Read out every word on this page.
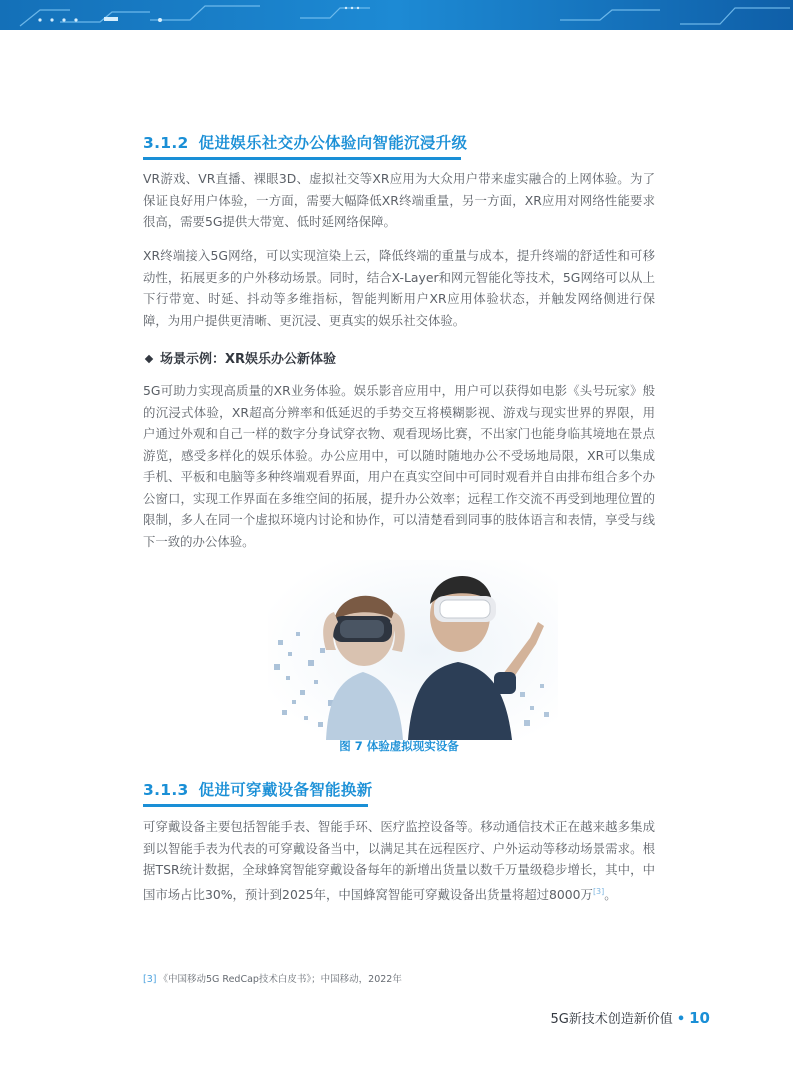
3.1.2 促进娱乐社交办公体验向智能沉浸升级

VR游戏、VR直播、裸眼3D、虚拟社交等XR应用为大众用户带来虚实融合的上网体验。为了保证良好用户体验，一方面，需要大幅降低XR终端重量，另一方面，XR应用对网络性能要求很高，需要5G提供大带宽、低时延网络保障。

XR终端接入5G网络，可以实现渲染上云，降低终端的重量与成本，提升终端的舒适性和可移动性，拓展更多的户外移动场景。同时，结合X-Layer和网元智能化等技术，5G网络可以从上下行带宽、时延、抖动等多维指标，智能判断用户XR应用体验状态，并触发网络侧进行保障，为用户提供更清晰、更沉浸、更真实的娱乐社交体验。

场景示例：XR娱乐办公新体验

5G可助力实现高质量的XR业务体验。娱乐影音应用中，用户可以获得如电影《头号玩家》般的沉浸式体验，XR超高分辨率和低延迟的手势交互将模糊影视、游戏与现实世界的界限，用户通过外观和自己一样的数字分身试穿衣物、观看现场比赛，不出家门也能身临其境地在景点游览，感受多样化的娱乐体验。办公应用中，可以随时随地办公不受场地局限，XR可以集成手机、平板和电脑等多种终端观看界面，用户在真实空间中可同时观看并自由排布组合多个办公窗口，实现工作界面在多维空间的拓展，提升办公效率；远程工作交流不再受到地理位置的限制，多人在同一个虚拟环境内讨论和协作，可以清楚看到同事的肢体语言和表情，享受与线下一致的办公体验。

图 7 体验虚拟现实设备
3.1.3 促进可穿戴设备智能换新

可穿戴设备主要包括智能手表、智能手环、医疗监控设备等。移动通信技术正在越来越多集成到以智能手表为代表的可穿戴设备当中，以满足其在远程医疗、户外运动等移动场景需求。根据TSR统计数据，全球蜂窝智能穿戴设备每年的新增出货量以数千万量级稳步增长，其中，中国市场占比30%，预计到2025年，中国蜂窝智能可穿戴设备出货量将超过8000万[3]。

[3] 《中国移动5G RedCap技术白皮书》；中国移动，2022年
5G新技术创造新价值 • 10
